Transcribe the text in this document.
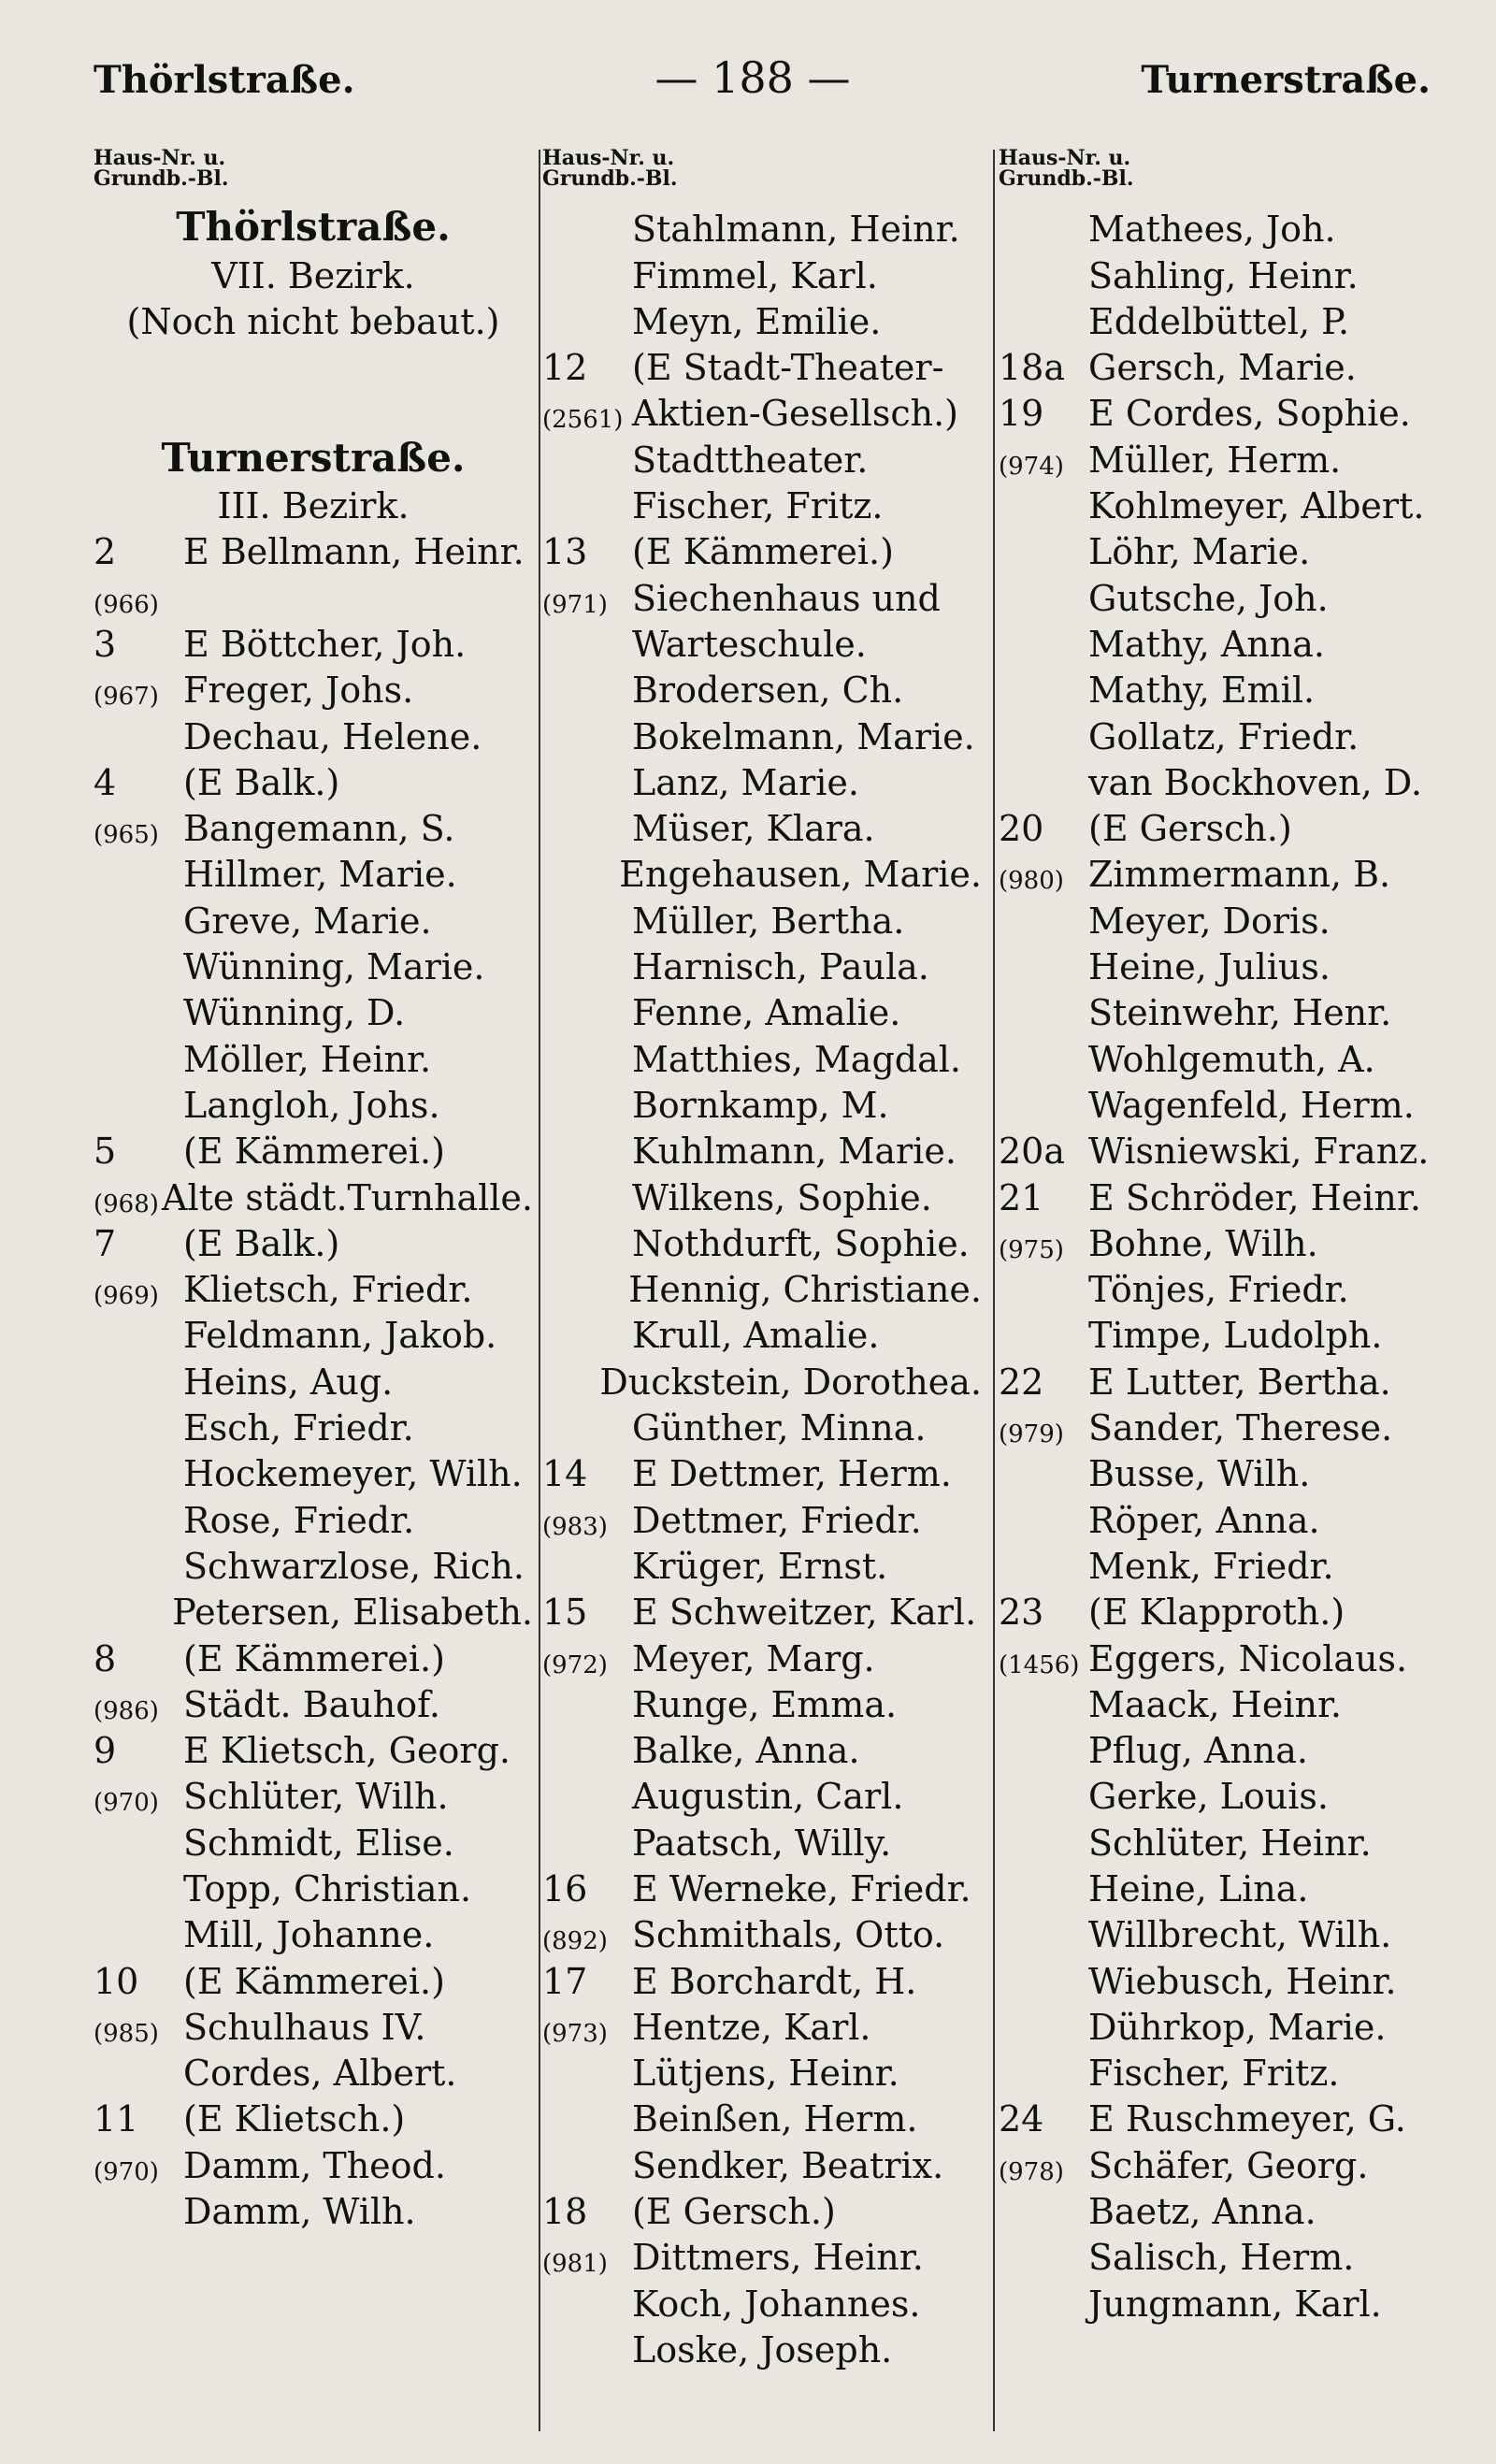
Thörlstraße.	— 188 —	Turnerstraße.
Haus-Nr. u.
Grundb.-Bl.
Thörlstraße.
VII. Bezirk.
(Noch nicht bebaut.)
Turnerstraße.
III. Bezirk.
2	E Bellmann, Heinr.
(966)
3	E Böttcher, Joh.
(967) Freger, Johs.
Dechau, Helene.
4	(E Balk.)
(965) Bangemann, S.
Hillmer, Marie.
Greve, Marie.
Wünning, Marie.
Wünning, D.
Möller, Heinr.
Langloh, Johs.
5	(E Kämmerei.)
(968) Alte städt.Turnhalle.
7	(E Balk.)
(969) Klietsch, Friedr.
Feldmann, Jakob.
Heins, Aug.
Esch, Friedr.
Hockemeyer, Wilh.
Rose, Friedr.
Schwarzlose, Rich.
Petersen, Elisabeth.
8	(E Kämmerei.)
(986) Städt. Bauhof.
9	E Klietsch, Georg.
(970) Schlüter, Wilh.
Schmidt, Elise.
Topp, Christian.
Mill, Johanne.
10	(E Kämmerei.)
(985) Schulhaus IV.
Cordes, Albert.
11	(E Klietsch.)
(970) Damm, Theod.
Damm, Wilh.
Haus-Nr. u.
Grundb.-Bl.
Stahlmann, Heinr.
Fimmel, Karl.
Meyn, Emilie.
12	(E Stadt-Theater-
(2561) Aktien-Gesellsch.)
Stadttheater.
Fischer, Fritz.
13	(E Kämmerei.)
(971) Siechenhaus und
Warteschule.
Brodersen, Ch.
Bokelmann, Marie.
Lanz, Marie.
Müser, Klara.
Engehausen, Marie.
Müller, Bertha.
Harnisch, Paula.
Fenne, Amalie.
Matthies, Magdal.
Bornkamp, M.
Kuhlmann, Marie.
Wilkens, Sophie.
Nothdurft, Sophie.
Hennig, Christiane.
Krull, Amalie.
Duckstein, Dorothea.
Günther, Minna.
14	E Dettmer, Herm.
(983) Dettmer, Friedr.
Krüger, Ernst.
15	E Schweitzer, Karl.
(972) Meyer, Marg.
Runge, Emma.
Balke, Anna.
Augustin, Carl.
Paatsch, Willy.
16	E Werneke, Friedr.
(892) Schmithals, Otto.
17	E Borchardt, H.
(973) Hentze, Karl.
Lütjens, Heinr.
Beinßen, Herm.
Sendker, Beatrix.
18	(E Gersch.)
(981) Dittmers, Heinr.
Koch, Johannes.
Loske, Joseph.
Haus-Nr. u.
Grundb.-Bl.
Mathees, Joh.
Sahling, Heinr.
Eddelbüttel, P.
18a Gersch, Marie.
19	E Cordes, Sophie.
(974) Müller, Herm.
Kohlmeyer, Albert.
Löhr, Marie.
Gutsche, Joh.
Mathy, Anna.
Mathy, Emil.
Gollatz, Friedr.
van Bockhoven, D.
20	(E Gersch.)
(980) Zimmermann, B.
Meyer, Doris.
Heine, Julius.
Steinwehr, Henr.
Wohlgemuth, A.
Wagenfeld, Herm.
20a Wisniewski, Franz.
21	E Schröder, Heinr.
(975) Bohne, Wilh.
Tönjes, Friedr.
Timpe, Ludolph.
22	E Lutter, Bertha.
(979) Sander, Therese.
Busse, Wilh.
Röper, Anna.
Menk, Friedr.
23	(E Klapproth.)
(1456) Eggers, Nicolaus.
Maack, Heinr.
Pflug, Anna.
Gerke, Louis.
Schlüter, Heinr.
Heine, Lina.
Willbrecht, Wilh.
Wiebusch, Heinr.
Dührkop, Marie.
Fischer, Fritz.
24	E Ruschmeyer, G.
(978) Schäfer, Georg.
Baetz, Anna.
Salisch, Herm.
Jungmann, Karl.
